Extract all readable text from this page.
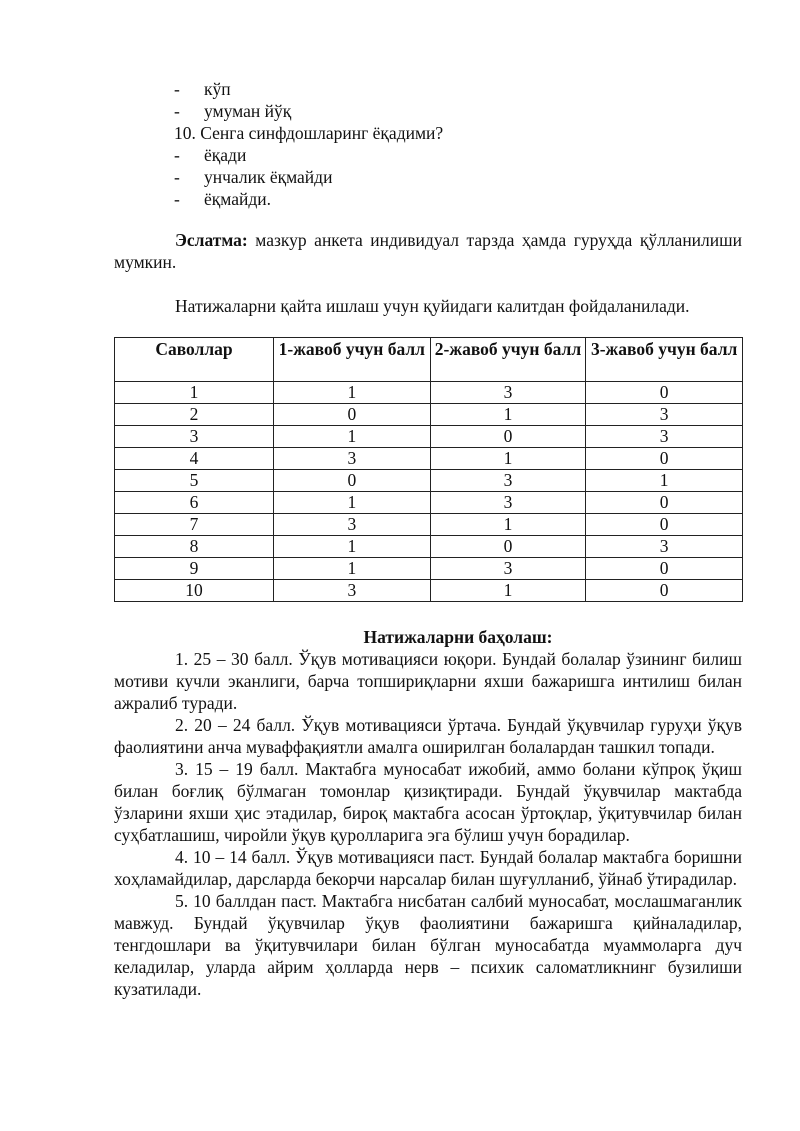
-	кўп
-	умуман йўқ
10. Сенга синфдошларинг ёқадими?
-	ёқади
-	унчалик ёқмайди
-	ёқмайди.

Эслатма: мазкур анкета индивидуал тарзда ҳамда гуруҳда қўлланилиши мумкин.

Натижаларни қайта ишлаш учун қуйидаги калитдан фойдаланилади.

Саволлар	1-жавоб учун балл	2-жавоб учун балл	3-жавоб учун балл
1	1	3	0
2	0	1	3
3	1	0	3
4	3	1	0
5	0	3	1
6	1	3	0
7	3	1	0
8	1	0	3
9	1	3	0
10	3	1	0

Натижаларни баҳолаш:

1. 25 – 30 балл. Ўқув мотивацияси юқори. Бундай болалар ўзининг билиш мотиви кучли эканлиги, барча топшириқларни яхши бажаришга интилиш билан ажралиб туради.

2. 20 – 24 балл. Ўқув мотивацияси ўртача. Бундай ўқувчилар гуруҳи ўқув фаолиятини анча муваффақиятли амалга оширилган болалардан ташкил топади.

3. 15 – 19 балл. Мактабга муносабат ижобий, аммо болани кўпроқ ўқиш билан боғлиқ бўлмаган томонлар қизиқтиради. Бундай ўқувчилар мактабда ўзларини яхши ҳис этадилар, бироқ мактабга асосан ўртоқлар, ўқитувчилар билан суҳбатлашиш, чиройли ўқув қуролларига эга бўлиш учун борадилар.

4. 10 – 14 балл. Ўқув мотивацияси паст. Бундай болалар мактабга боришни хоҳламайдилар, дарсларда бекорчи нарсалар билан шуғулланиб, ўйнаб ўтирадилар.

5. 10 баллдан паст. Мактабга нисбатан салбий муносабат, мослашмаганлик мавжуд. Бундай ўқувчилар ўқув фаолиятини бажаришга қийналадилар, тенгдошлари ва ўқитувчилари билан бўлган муносабатда муаммоларга дуч келадилар, уларда айрим ҳолларда нерв – психик саломатликнинг бузилиши кузатилади.
